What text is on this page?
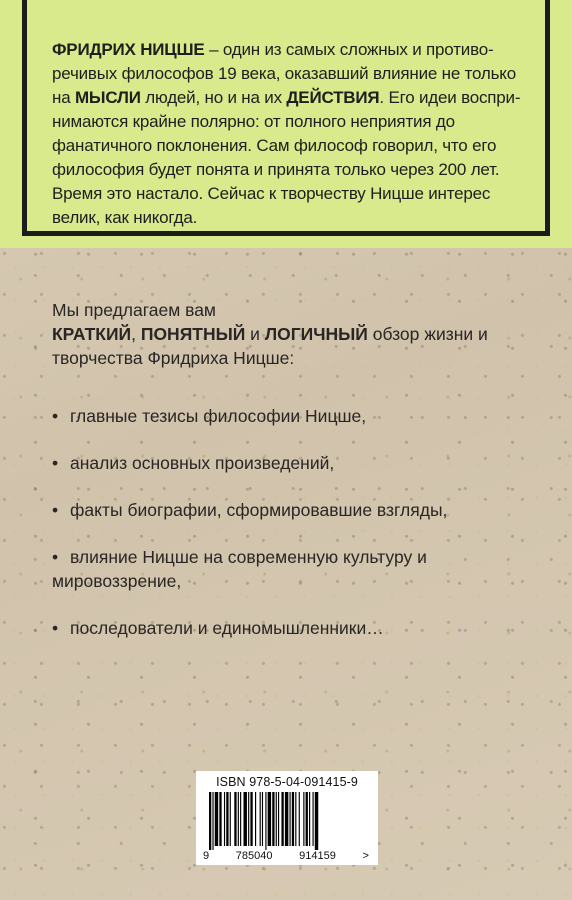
ФРИДРИХ НИЦШЕ – один из самых сложных и противо-речивых философов 19 века, оказавший влияние не только на МЫСЛИ людей, но и на их ДЕЙСТВИЯ. Его идеи воспри-нимаются крайне полярно: от полного неприятия до фанатичного поклонения. Сам философ говорил, что его философия будет понята и принята только через 200 лет. Время это настало. Сейчас к творчеству Ницше интерес велик, как никогда.

Мы предлагаем вам
КРАТКИЙ, ПОНЯТНЫЙ и ЛОГИЧНЫЙ обзор жизни и творчества Фридриха Ницше:

• главные тезисы философии Ницше,
• анализ основных произведений,
• факты биографии, сформировавшие взгляды,
• влияние Ницше на современную культуру и мировоззрение,
• последователи и единомышленники…
ISBN 978-5-04-091415-9
9 785040 914159 >
